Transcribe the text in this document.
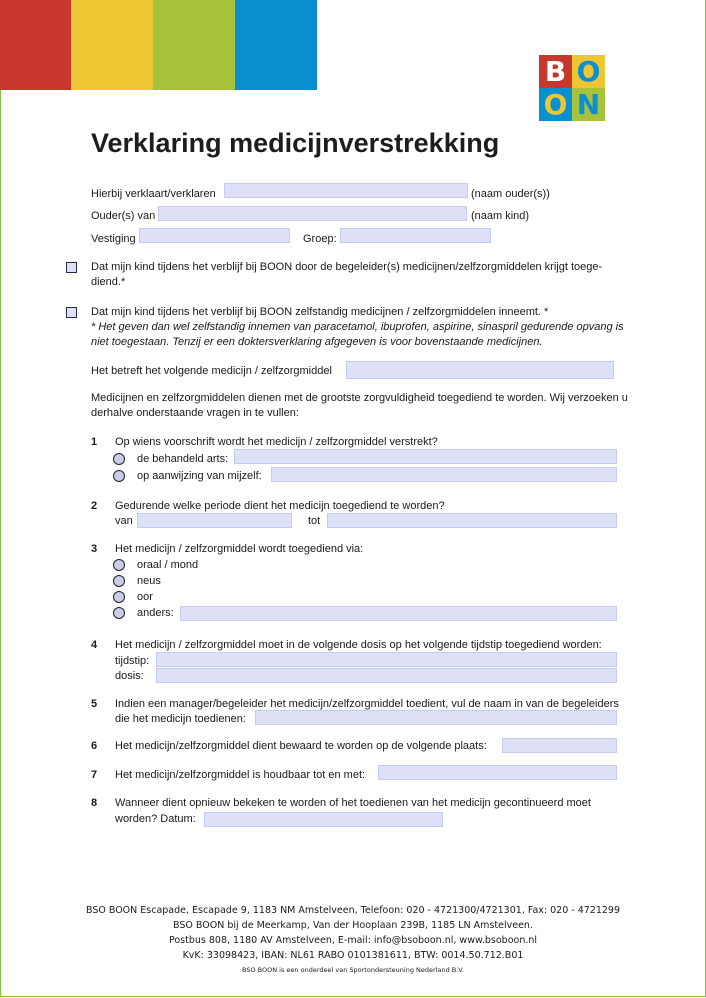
B O
O N
Verklaring medicijnverstrekking
Hierbij verklaart/verklaren	(naam ouder(s))
Ouder(s) van	(naam kind)
Vestiging	Groep:
Dat mijn kind tijdens het verblijf bij BOON door de begeleider(s) medicijnen/zelfzorgmiddelen krijgt toege-diend.*
Dat mijn kind tijdens het verblijf bij BOON zelfstandig medicijnen / zelfzorgmiddelen inneemt. *
* Het geven dan wel zelfstandig innemen van paracetamol, ibuprofen, aspirine, sinaspril gedurende opvang is niet toegestaan. Tenzij er een doktersverklaring afgegeven is voor bovenstaande medicijnen.
Het betreft het volgende medicijn / zelfzorgmiddel
Medicijnen en zelfzorgmiddelen dienen met de grootste zorgvuldigheid toegediend te worden. Wij verzoeken u derhalve onderstaande vragen in te vullen:
1 Op wiens voorschrift wordt het medicijn / zelfzorgmiddel verstrekt?
de behandeld arts:
op aanwijzing van mijzelf:
2 Gedurende welke periode dient het medicijn toegediend te worden?
van	tot
3 Het medicijn / zelfzorgmiddel wordt toegediend via:
oraal / mond
neus
oor
anders:
4 Het medicijn / zelfzorgmiddel moet in de volgende dosis op het volgende tijdstip toegediend worden:
tijdstip:
dosis:
5 Indien een manager/begeleider het medicijn/zelfzorgmiddel toedient, vul de naam in van de begeleiders
die het medicijn toedienen:
6 Het medicijn/zelfzorgmiddel dient bewaard te worden op de volgende plaats:
7 Het medicijn/zelfzorgmiddel is houdbaar tot en met:
8 Wanneer dient opnieuw bekeken te worden of het toedienen van het medicijn gecontinueerd moet
worden? Datum:
BSO BOON Escapade, Escapade 9, 1183 NM Amstelveen, Telefoon: 020 - 4721300/4721301, Fax: 020 - 4721299
BSO BOON bij de Meerkamp, Van der Hooplaan 239B, 1185 LN Amstelveen.
Postbus 808, 1180 AV Amstelveen, E-mail: info@bsoboon.nl, www.bsoboon.nl
KvK: 33098423, IBAN: NL61 RABO 0101381611, BTW: 0014.50.712.B01
BSO BOON is een onderdeel van Sportondersteuning Nederland B.V.
